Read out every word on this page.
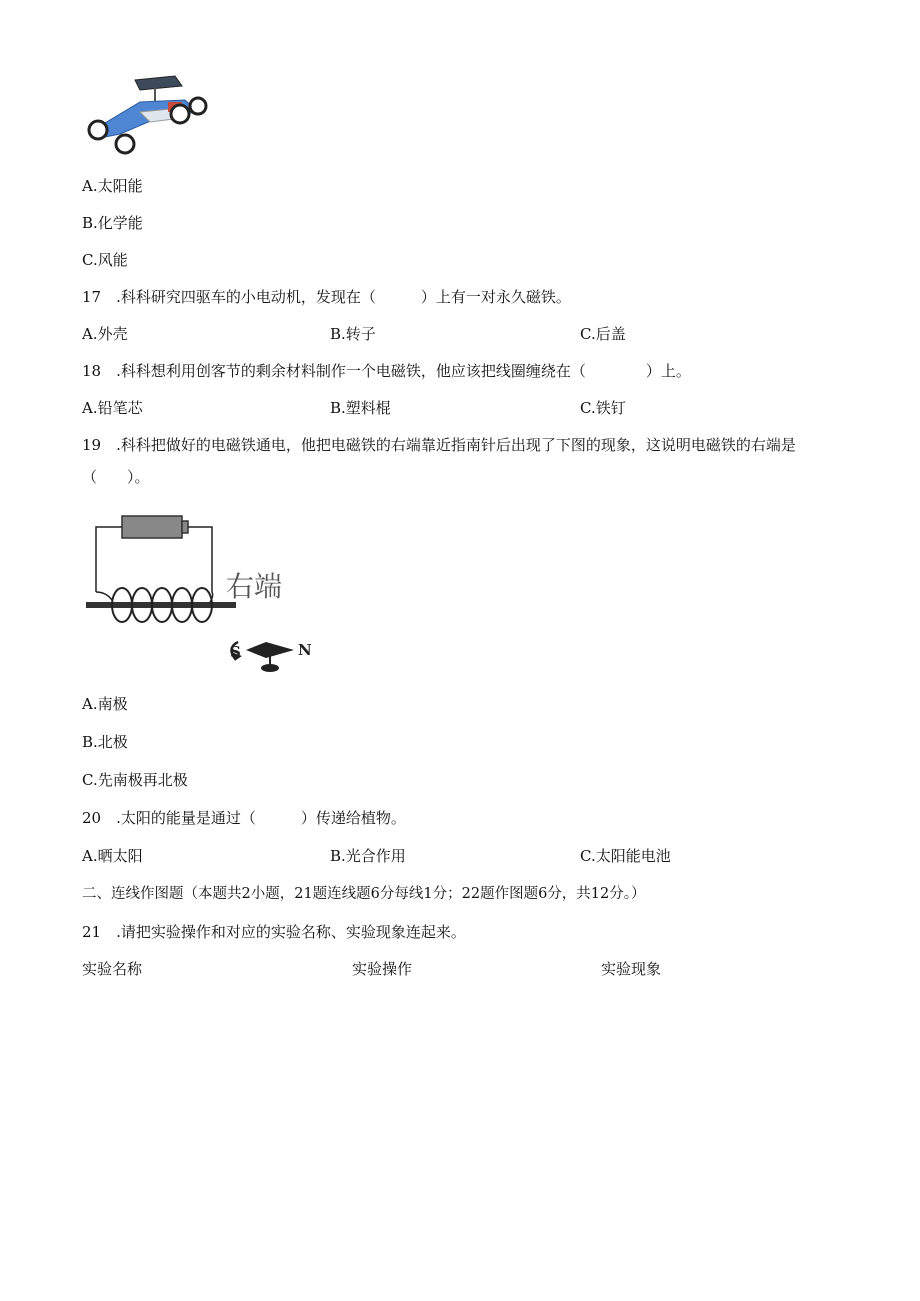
A.太阳能
B.化学能
C.风能
17　.科科研究四驱车的小电动机，发现在（　　　）上有一对永久磁铁。
A.外壳	B.转子	C.后盖
18　.科科想利用创客节的剩余材料制作一个电磁铁，他应该把线圈缠绕在（　　　　）上。
A.铅笔芯	B.塑料棍	C.铁钉
19　.科科把做好的电磁铁通电，他把电磁铁的右端靠近指南针后出现了下图的现象，这说明电磁铁的右端是
（　　）。
右端
S	N
A.南极
B.北极
C.先南极再北极
20　.太阳的能量是通过（　　　）传递给植物。
A.晒太阳	B.光合作用	C.太阳能电池
二、连线作图题（本题共2小题，21题连线题6分每线1分；22题作图题6分，共12分。）
21　.请把实验操作和对应的实验名称、实验现象连起来。
实验名称	实验操作	实验现象
